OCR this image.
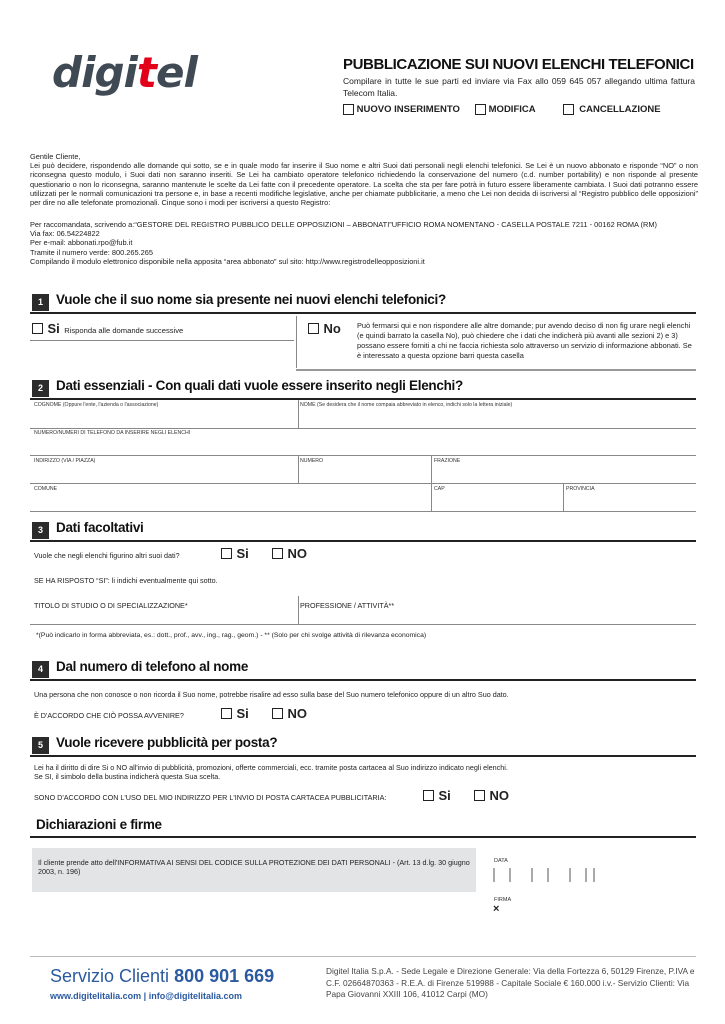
digitel	PUBBLICAZIONE SUI NUOVI ELENCHI TELEFONICI
Compilare in tutte le sue parti ed inviare via Fax allo 059 645 057 allegando ultima fattura Telecom Italia.
NUOVO INSERIMENTO	MODIFICA	CANCELLAZIONE
Gentile Cliente,
Lei può decidere, rispondendo alle domande qui sotto, se e in quale modo far inserire il Suo nome e altri Suoi dati personali negli elenchi telefonici. Se Lei è un nuovo abbonato e risponde “NO” o non riconsegna questo modulo, i Suoi dati non saranno inseriti. Se Lei ha cambiato operatore telefonico richiedendo la conservazione del numero (c.d. number portability) e non risponde al presente questionario o non lo riconsegna, saranno mantenute le scelte da Lei fatte con il precedente operatore. La scelta che sta per fare potrà in futuro essere liberamente cambiata. I Suoi dati potranno essere utilizzati per le normali comunicazioni tra persone e, in base a recenti modifiche legislative, anche per chiamate pubblicitarie, a meno che Lei non decida di iscriversi al “Registro pubblico delle opposizioni” per dire no alle telefonate promozionali. Cinque sono i modi per iscriversi a questo Registro:
Per raccomandata, scrivendo a:“GESTORE DEL REGISTRO PUBBLICO DELLE OPPOSIZIONI – ABBONATI”UFFICIO ROMA NOMENTANO - CASELLA POSTALE 7211 - 00162 ROMA (RM)
Via fax: 06.54224822
Per e-mail: abbonati.rpo@fub.it
Tramite il numero verde: 800.265.265
Compilando il modulo elettronico disponibile nella apposita “area abbonato” sul sito: http://www.registrodelleopposizioni.it
1 Vuole che il suo nome sia presente nei nuovi elenchi telefonici?
Si Risponda alle domande successive	No Può fermarsi qui e non rispondere alle altre domande; pur avendo deciso di non fig urare negli elenchi (e quindi barrato la casella No), può chiedere che i dati che indicherà più avanti alle sezioni 2) e 3) possano essere forniti a chi ne faccia richiesta solo attraverso un servizio di informazione abbonati. Se è interessato a questa opzione barri questa casella
2 Dati essenziali - Con quali dati vuole essere inserito negli Elenchi?
COGNOME (Oppure l'ente, l'azienda o l'associazione)	NOME (Se desidera che il nome compaia abbreviato in elenco, indichi solo la lettera iniziale)
NUMERO/NUMERI DI TELEFONO DA INSERIRE NEGLI ELENCHI
INDIRIZZO (VIA / PIAZZA)	NUMERO	FRAZIONE
COMUNE	CAP	PROVINCIA
3 Dati facoltativi
Vuole che negli elenchi figurino altri suoi dati?	Si	NO
SE HA RISPOSTO “SI”: li indichi eventualmente qui sotto.
TITOLO DI STUDIO O DI SPECIALIZZAZIONE*	PROFESSIONE / ATTIVITÀ**
*(Può indicarlo in forma abbreviata, es.: dott., prof., avv., ing., rag., geom.) - ** (Solo per chi svolge attività di rilevanza economica)
4 Dal numero di telefono al nome
Una persona che non conosce o non ricorda il Suo nome, potrebbe risalire ad esso sulla base del Suo numero telefonico oppure di un altro Suo dato.
È D'ACCORDO CHE CIÒ POSSA AVVENIRE?	Si	NO
5 Vuole ricevere pubblicità per posta?
Lei ha il diritto di dire Si o NO all'invio di pubblicità, promozioni, offerte commerciali, ecc. tramite posta cartacea al Suo indirizzo indicato negli elenchi.
Se SI, il simbolo della bustina indicherà questa Sua scelta.
SONO D'ACCORDO CON L'USO DEL MIO INDIRIZZO PER L'INVIO DI POSTA CARTACEA PUBBLICITARIA:	Si	NO
Dichiarazioni e firme
Il cliente prende atto dell'INFORMATIVA AI SENSI DEL CODICE SULLA PROTEZIONE DEI DATI PERSONALI - (Art. 13 d.lg. 30 giugno 2003, n. 196)
DATA
FIRMA
×
Servizio Clienti 800 901 669
www.digitelitalia.com | info@digitelitalia.com
Digitel Italia S.p.A. - Sede Legale e Direzione Generale: Via della Fortezza 6, 50129 Firenze, P.IVA e C.F. 02664870363 - R.E.A. di Firenze 519988 - Capitale Sociale € 160.000 i.v.- Servizio Clienti: Via Papa Giovanni XXIII 106, 41012 Carpi (MO)
